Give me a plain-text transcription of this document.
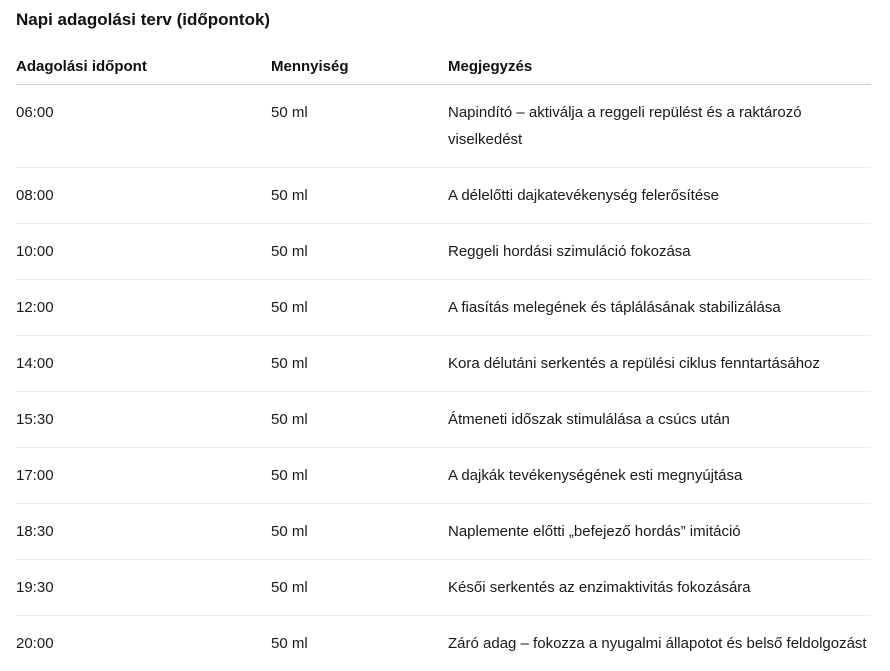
Napi adagolási terv (időpontok)
Adagolási időpont	Mennyiség	Megjegyzés
06:00	50 ml	Napindító – aktiválja a reggeli repülést és a raktározó viselkedést
08:00	50 ml	A délelőtti dajkatevékenység felerősítése
10:00	50 ml	Reggeli hordási szimuláció fokozása
12:00	50 ml	A fiasítás melegének és táplálásának stabilizálása
14:00	50 ml	Kora délutáni serkentés a repülési ciklus fenntartásához
15:30	50 ml	Átmeneti időszak stimulálása a csúcs után
17:00	50 ml	A dajkák tevékenységének esti megnyújtása
18:30	50 ml	Naplemente előtti „befejező hordás” imitáció
19:30	50 ml	Késői serkentés az enzimaktivitás fokozására
20:00	50 ml	Záró adag – fokozza a nyugalmi állapotot és belső feldolgozást
